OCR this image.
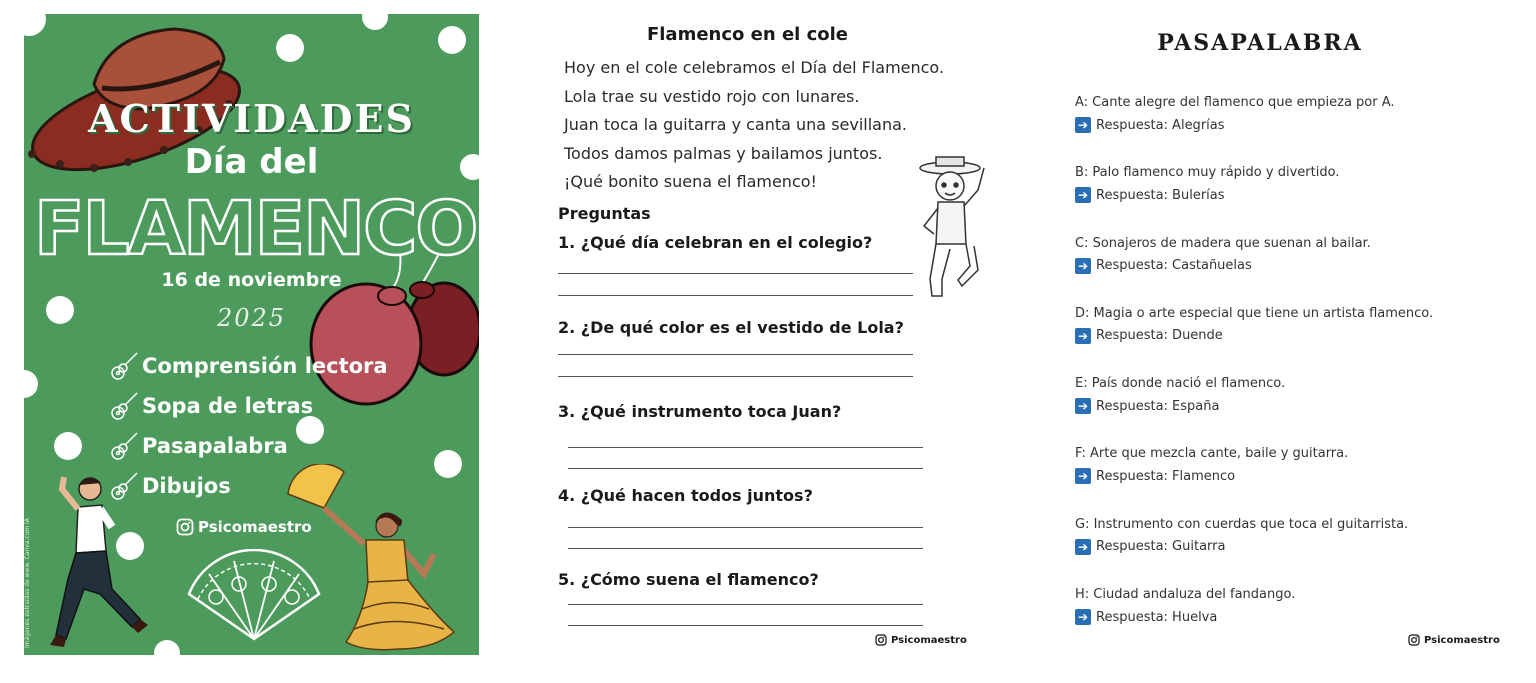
ACTIVIDADES
Día del
FLAMENCO
16 de noviembre
2025
Comprensión lectora
Sopa de letras
Pasapalabra
Dibujos
Psicomaestro
Imágenes extraídas de www. Canva.com IA
Flamenco en el cole
Hoy en el cole celebramos el Día del Flamenco.
Lola trae su vestido rojo con lunares.
Juan toca la guitarra y canta una sevillana.
Todos damos palmas y bailamos juntos.
¡Qué bonito suena el flamenco!
Preguntas
1. ¿Qué día celebran en el colegio?
2. ¿De qué color es el vestido de Lola?
3. ¿Qué instrumento toca Juan?
4. ¿Qué hacen todos juntos?
5. ¿Cómo suena el flamenco?
Psicomaestro
PASAPALABRA
A: Cante alegre del flamenco que empieza por A.
➔ Respuesta: Alegrías
B: Palo flamenco muy rápido y divertido.
➔ Respuesta: Bulerías
C: Sonajeros de madera que suenan al bailar.
➔ Respuesta: Castañuelas
D: Magia o arte especial que tiene un artista flamenco.
➔ Respuesta: Duende
E: País donde nació el flamenco.
➔ Respuesta: España
F: Arte que mezcla cante, baile y guitarra.
➔ Respuesta: Flamenco
G: Instrumento con cuerdas que toca el guitarrista.
➔ Respuesta: Guitarra
H: Ciudad andaluza del fandango.
➔ Respuesta: Huelva
Psicomaestro
